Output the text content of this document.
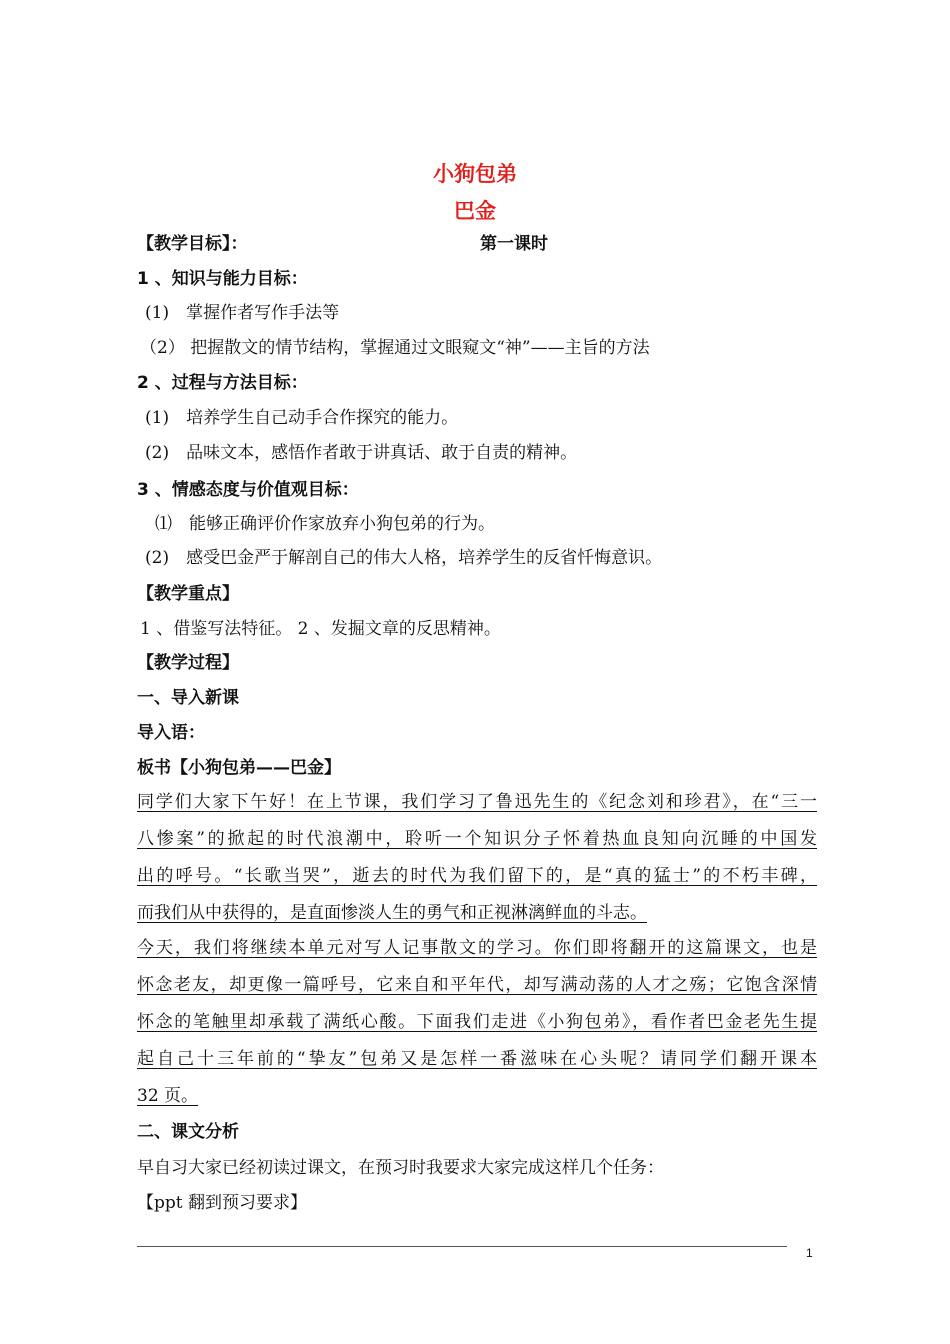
小狗包弟
巴金
【教学目标】：	第一课时
1 、知识与能力目标：
(1)　掌握作者写作手法等
（2） 把握散文的情节结构，掌握通过文眼窥文“神”——主旨的方法
2 、过程与方法目标：
(1)　培养学生自己动手合作探究的能力。
(2)　品味文本，感悟作者敢于讲真话、敢于自责的精神。
3 、情感态度与价值观目标：
⑴　能够正确评价作家放弃小狗包弟的行为。
(2)　感受巴金严于解剖自己的伟大人格，培养学生的反省忏悔意识。
【教学重点】
1 、借鉴写法特征。 2 、发掘文章的反思精神。
【教学过程】
一、导入新课
导入语：
板书【小狗包弟——巴金】
同学们大家下午好！在上节课，我们学习了鲁迅先生的《纪念刘和珍君》，在“三一
八惨案”的掀起的时代浪潮中，聆听一个知识分子怀着热血良知向沉睡的中国发
出的呼号。“长歌当哭”，逝去的时代为我们留下的，是“真的猛士”的不朽丰碑，
而我们从中获得的，是直面惨淡人生的勇气和正视淋漓鲜血的斗志。
今天，我们将继续本单元对写人记事散文的学习。你们即将翻开的这篇课文，也是
怀念老友，却更像一篇呼号，它来自和平年代，却写满动荡的人才之殇；它饱含深情
怀念的笔触里却承载了满纸心酸。下面我们走进《小狗包弟》，看作者巴金老先生提
起自己十三年前的“挚友”包弟又是怎样一番滋味在心头呢？请同学们翻开课本
32 页。
二、课文分析
早自习大家已经初读过课文，在预习时我要求大家完成这样几个任务：
【ppt 翻到预习要求】
1
